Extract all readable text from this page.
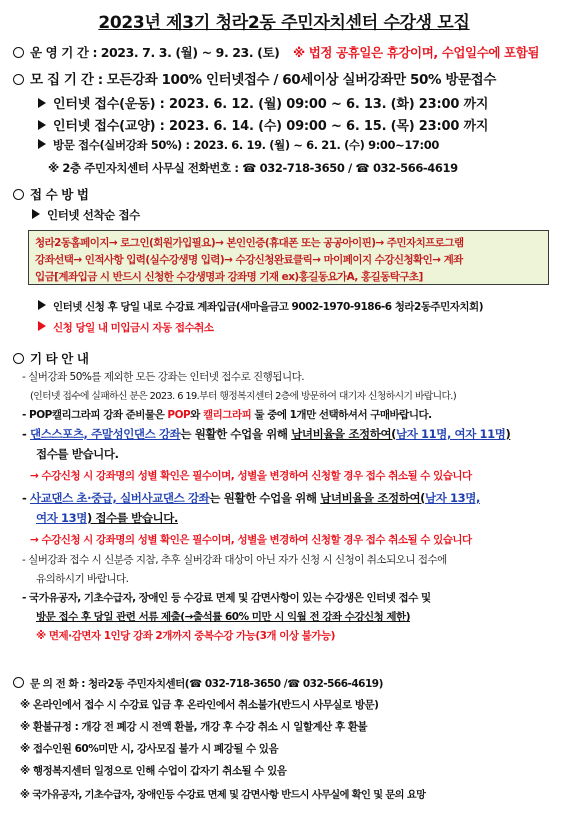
2023년 제3기 청라2동 주민자치센터 수강생 모집
운 영 기 간 : 2023. 7. 3. (월) ~ 9. 23. (토) ※ 법정 공휴일은 휴강이며, 수업일수에 포함됨
모 집 기 간 : 모든강좌 100% 인터넷접수 / 60세이상 실버강좌만 50% 방문접수
인터넷 접수(운동) : 2023. 6. 12. (월) 09:00 ~ 6. 13. (화) 23:00 까지
인터넷 접수(교양) : 2023. 6. 14. (수) 09:00 ~ 6. 15. (목) 23:00 까지
방문 접수(실버강좌 50%) : 2023. 6. 19. (월) ~ 6. 21. (수) 9:00~17:00
※ 2층 주민자치센터 사무실 전화번호 : ☎ 032-718-3650 / ☎ 032-566-4619
접 수 방 법
인터넷 선착순 접수
청라2동홈페이지→ 로그인(회원가입필요)→ 본인인증(휴대폰 또는 공공아이핀)→ 주민자치프로그램
강좌선택→ 인적사항 입력(실수강생명 입력)→ 수강신청완료클릭→ 마이페이지 수강신청확인→ 계좌
입금[계좌입금 시 반드시 신청한 수강생명과 강좌명 기재 ex)홍길동요가A, 홍길동탁구초]
인터넷 신청 후 당일 내로 수강료 계좌입금(새마을금고 9002-1970-9186-6 청라2동주민자치회)
신청 당일 내 미입금시 자동 접수취소
기 타 안 내
- 실버강좌 50%를 제외한 모든 강좌는 인터넷 접수로 진행됩니다.
(인터넷 접수에 실패하신 분은 2023. 6 19.부터 행정복지센터 2층에 방문하여 대기자 신청하시기 바랍니다.)
- POP캘리그라피 강좌 준비물은 POP와 캘리그라피 둘 중에 1개만 선택하셔서 구매바랍니다.
- 댄스스포츠, 주말성인댄스 강좌는 원활한 수업을 위해 남녀비율을 조정하여(남자 11명, 여자 11명)
접수를 받습니다.
→ 수강신청 시 강좌명의 성별 확인은 필수이며, 성별을 변경하여 신청할 경우 접수 취소될 수 있습니다
- 사교댄스 초·중급, 실버사교댄스 강좌는 원활한 수업을 위해 남녀비율을 조정하여(남자 13명,
여자 13명) 접수를 받습니다.
→ 수강신청 시 강좌명의 성별 확인은 필수이며, 성별을 변경하여 신청할 경우 접수 취소될 수 있습니다
- 실버강좌 접수 시 신분증 지참, 추후 실버강좌 대상이 아닌 자가 신청 시 신청이 취소되오니 접수에
유의하시기 바랍니다.
- 국가유공자, 기초수급자, 장애인 등 수강료 면제 및 감면사항이 있는 수강생은 인터넷 접수 및
방문 접수 후 당일 관련 서류 제출(→출석률 60% 미만 시 익월 전 강좌 수강신청 제한)
※ 면제·감면자 1인당 강좌 2개까지 중복수강 가능(3개 이상 불가능)
문 의 전 화 : 청라2동 주민자치센터(☎ 032-718-3650 /☎ 032-566-4619)
※ 온라인에서 접수 시 수강료 입금 후 온라인에서 취소불가(반드시 사무실로 방문)
※ 환불규정 : 개강 전 폐강 시 전액 환불, 개강 후 수강 취소 시 일할계산 후 환불
※ 접수인원 60%미만 시, 강사모집 불가 시 폐강될 수 있음
※ 행정복지센터 일정으로 인해 수업이 갑자기 취소될 수 있음
※ 국가유공자, 기초수급자, 장애인등 수강료 면제 및 감면사항 반드시 사무실에 확인 및 문의 요망
